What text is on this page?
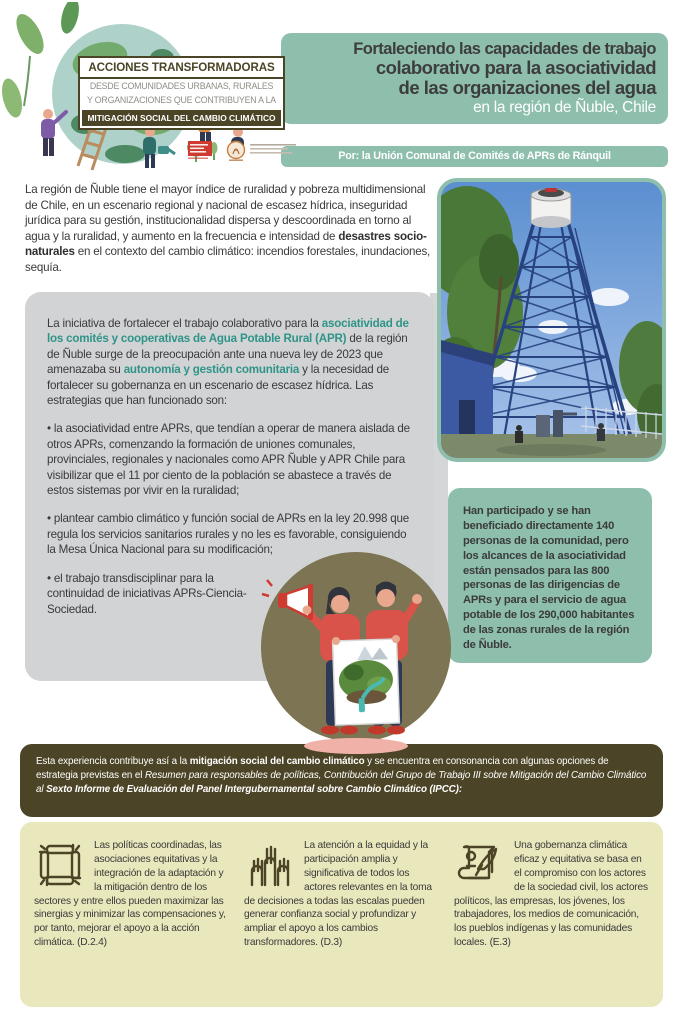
ACCIONES TRANSFORMADORAS
DESDE COMUNIDADES URBANAS, RURALES
Y ORGANIZACIONES QUE CONTRIBUYEN A LA
MITIGACIÓN SOCIAL DEL CAMBIO CLIMÁTICO
Fortaleciendo las capacidades de trabajo
colaborativo para la asociatividad
de las organizaciones del agua
en la región de Ñuble, Chile
Por: la Unión Comunal de Comités de APRs de Ránquil

La región de Ñuble tiene el mayor índice de ruralidad y pobreza multidimensional de Chile, en un escenario regional y nacional de escasez hídrica, inseguridad jurídica para su gestión, institucionalidad dispersa y descoordinada en torno al agua y la ruralidad, y aumento en la frecuencia e intensidad de desastres socio-naturales en el contexto del cambio climático: incendios forestales, inundaciones, sequía.

La iniciativa de fortalecer el trabajo colaborativo para la asociatividad de los comités y cooperativas de Agua Potable Rural (APR) de la región de Ñuble surge de la preocupación ante una nueva ley de 2023 que amenazaba su autonomía y gestión comunitaria y la necesidad de fortalecer su gobernanza en un escenario de escasez hídrica. Las estrategias que han funcionado son:

• la asociatividad entre APRs, que tendían a operar de manera aislada de otros APRs, comenzando la formación de uniones comunales, provinciales, regionales y nacionales como APR Ñuble y APR Chile para visibilizar que el 11 por ciento de la población se abastece a través de estos sistemas por vivir en la ruralidad;

• plantear cambio climático y función social de APRs en la ley 20.998 que regula los servicios sanitarios rurales y no les es favorable, consiguiendo la Mesa Única Nacional para su modificación;

• el trabajo transdisciplinar para la continuidad de iniciativas APRs-Ciencia-Sociedad.

Han participado y se han beneficiado directamente 140 personas de la comunidad, pero los alcances de la asociatividad están pensados para las 800 personas de las dirigencias de APRs y para el servicio de agua potable de los 290,000 habitantes de las zonas rurales de la región de Ñuble.
Esta experiencia contribuye así a la mitigación social del cambio climático y se encuentra en consonancia con algunas opciones de estrategia previstas en el Resumen para responsables de políticas, Contribución del Grupo de Trabajo III sobre Mitigación del Cambio Climático al Sexto Informe de Evaluación del Panel Intergubernamental sobre Cambio Climático (IPCC):
Las políticas coordinadas, las asociaciones equitativas y la integración de la adaptación y la mitigación dentro de los sectores y entre ellos pueden maximizar las sinergias y minimizar las compensaciones y, por tanto, mejorar el apoyo a la acción climática. (D.2.4)
La atención a la equidad y la participación amplia y significativa de todos los actores relevantes en la toma de decisiones a todas las escalas pueden generar confianza social y profundizar y ampliar el apoyo a los cambios transformadores. (D.3)
Una gobernanza climática eficaz y equitativa se basa en el compromiso con los actores de la sociedad civil, los actores políticos, las empresas, los jóvenes, los trabajadores, los medios de comunicación, los pueblos indígenas y las comunidades locales. (E.3)
